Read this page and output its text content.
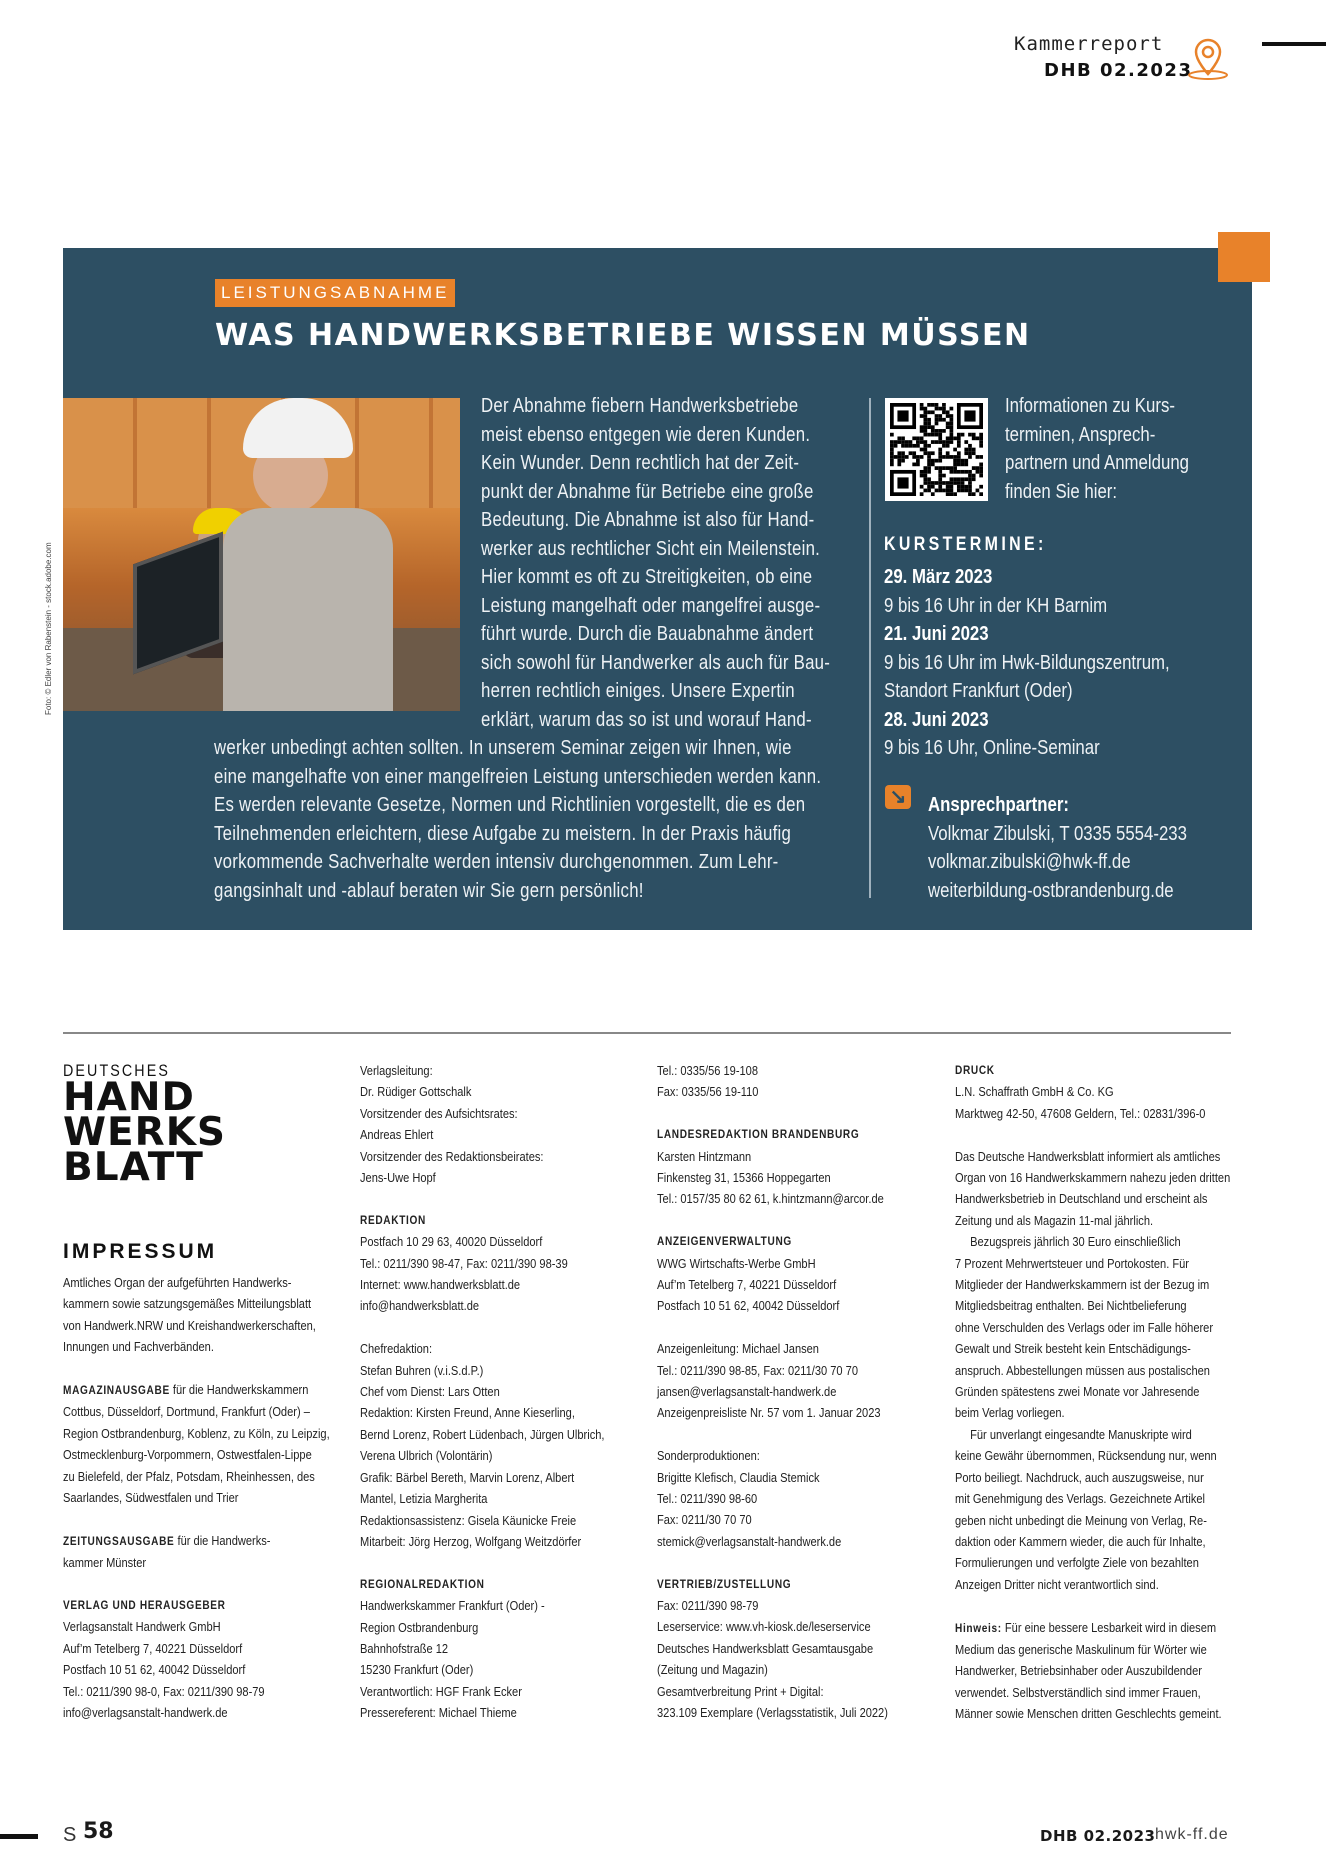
Kammerreport
DHB 02.2023
LEISTUNGSABNAHME
WAS HANDWERKSBETRIEBE WISSEN MÜSSEN
Foto: © Edler von Rabenstein - stock.adobe.com
Der Abnahme fiebern Handwerksbetriebe
meist ebenso entgegen wie deren Kunden.
Kein Wunder. Denn rechtlich hat der Zeit-
punkt der Abnahme für Betriebe eine große
Bedeutung. Die Abnahme ist also für Hand-
werker aus rechtlicher Sicht ein Meilenstein.
Hier kommt es oft zu Streitigkeiten, ob eine
Leistung mangelhaft oder mangelfrei ausge-
führt wurde. Durch die Bauabnahme ändert
sich sowohl für Handwerker als auch für Bau-
herren rechtlich einiges. Unsere Expertin
erklärt, warum das so ist und worauf Hand-
werker unbedingt achten sollten. In unserem Seminar zeigen wir Ihnen, wie
eine mangelhafte von einer mangelfreien Leistung unterschieden werden kann.
Es werden relevante Gesetze, Normen und Richtlinien vorgestellt, die es den
Teilnehmenden erleichtern, diese Aufgabe zu meistern. In der Praxis häufig
vorkommende Sachverhalte werden intensiv durchgenommen. Zum Lehr-
gangsinhalt und -ablauf beraten wir Sie gern persönlich!
Informationen zu Kurs-
terminen, Ansprech-
partnern und Anmeldung
finden Sie hier:
KURSTERMINE:
29. März 2023
9 bis 16 Uhr in der KH Barnim
21. Juni 2023
9 bis 16 Uhr im Hwk-Bildungszentrum,
Standort Frankfurt (Oder)
28. Juni 2023
9 bis 16 Uhr, Online-Seminar
↘ Ansprechpartner:
Volkmar Zibulski, T 0335 5554-233
volkmar.zibulski@hwk-ff.de
weiterbildung-ostbrandenburg.de
DEUTSCHES
HAND
WERKS
BLATT
IMPRESSUM
Amtliches Organ der aufgeführten Handwerks-
kammern sowie satzungsgemäßes Mitteilungsblatt
von Handwerk.NRW und Kreishandwerkerschaften,
Innungen und Fachverbänden.
MAGAZINAUSGABE für die Handwerkskammern
Cottbus, Düsseldorf, Dortmund, Frankfurt (Oder) –
Region Ostbrandenburg, Koblenz, zu Köln, zu Leipzig,
Ostmecklenburg-Vorpommern, Ostwestfalen-Lippe
zu Bielefeld, der Pfalz, Potsdam, Rheinhessen, des
Saarlandes, Südwestfalen und Trier
ZEITUNGSAUSGABE für die Handwerks-
kammer Münster
VERLAG UND HERAUSGEBER
Verlagsanstalt Handwerk GmbH
Auf’m Tetelberg 7, 40221 Düsseldorf
Postfach 10 51 62, 40042 Düsseldorf
Tel.: 0211/390 98-0, Fax: 0211/390 98-79
info@verlagsanstalt-handwerk.de
Verlagsleitung:
Dr. Rüdiger Gottschalk
Vorsitzender des Aufsichtsrates:
Andreas Ehlert
Vorsitzender des Redaktionsbeirates:
Jens-Uwe Hopf
REDAKTION
Postfach 10 29 63, 40020 Düsseldorf
Tel.: 0211/390 98-47, Fax: 0211/390 98-39
Internet: www.handwerksblatt.de
info@handwerksblatt.de
Chefredaktion:
Stefan Buhren (v.i.S.d.P.)
Chef vom Dienst: Lars Otten
Redaktion: Kirsten Freund, Anne Kieserling,
Bernd Lorenz, Robert Lüdenbach, Jürgen Ulbrich,
Verena Ulbrich (Volontärin)
Grafik: Bärbel Bereth, Marvin Lorenz, Albert
Mantel, Letizia Margherita
Redaktionsassistenz: Gisela Käunicke Freie
Mitarbeit: Jörg Herzog, Wolfgang Weitzdörfer
REGIONALREDAKTION
Handwerkskammer Frankfurt (Oder) -
Region Ostbrandenburg
Bahnhofstraße 12
15230 Frankfurt (Oder)
Verantwortlich: HGF Frank Ecker
Pressereferent: Michael Thieme
Tel.: 0335/56 19-108
Fax: 0335/56 19-110
LANDESREDAKTION BRANDENBURG
Karsten Hintzmann
Finkensteg 31, 15366 Hoppegarten
Tel.: 0157/35 80 62 61, k.hintzmann@arcor.de
ANZEIGENVERWALTUNG
WWG Wirtschafts-Werbe GmbH
Auf’m Tetelberg 7, 40221 Düsseldorf
Postfach 10 51 62, 40042 Düsseldorf
Anzeigenleitung: Michael Jansen
Tel.: 0211/390 98-85, Fax: 0211/30 70 70
jansen@verlagsanstalt-handwerk.de
Anzeigenpreisliste Nr. 57 vom 1. Januar 2023
Sonderproduktionen:
Brigitte Klefisch, Claudia Stemick
Tel.: 0211/390 98-60
Fax: 0211/30 70 70
stemick@verlagsanstalt-handwerk.de
VERTRIEB/ZUSTELLUNG
Fax: 0211/390 98-79
Leserservice: www.vh-kiosk.de/leserservice
Deutsches Handwerksblatt Gesamtausgabe
(Zeitung und Magazin)
Gesamtverbreitung Print + Digital:
323.109 Exemplare (Verlagsstatistik, Juli 2022)
DRUCK
L.N. Schaffrath GmbH & Co. KG
Marktweg 42-50, 47608 Geldern, Tel.: 02831/396-0
Das Deutsche Handwerksblatt informiert als amtliches
Organ von 16 Handwerkskammern nahezu jeden dritten
Handwerksbetrieb in Deutschland und erscheint als
Zeitung und als Magazin 11-mal jährlich.
Bezugspreis jährlich 30 Euro einschließlich
7 Prozent Mehrwertsteuer und Portokosten. Für
Mitglieder der Handwerkskammern ist der Bezug im
Mitgliedsbeitrag enthalten. Bei Nichtbelieferung
ohne Verschulden des Verlags oder im Falle höherer
Gewalt und Streik besteht kein Entschädigungs-
anspruch. Abbestellungen müssen aus postalischen
Gründen spätestens zwei Monate vor Jahresende
beim Verlag vorliegen.
Für unverlangt eingesandte Manuskripte wird
keine Gewähr übernommen, Rücksendung nur, wenn
Porto beiliegt. Nachdruck, auch auszugsweise, nur
mit Genehmigung des Verlags. Gezeichnete Artikel
geben nicht unbedingt die Meinung von Verlag, Re-
daktion oder Kammern wieder, die auch für Inhalte,
Formulierungen und verfolgte Ziele von bezahlten
Anzeigen Dritter nicht verantwortlich sind.
Hinweis: Für eine bessere Lesbarkeit wird in diesem
Medium das generische Maskulinum für Wörter wie
Handwerker, Betriebsinhaber oder Auszubildender
verwendet. Selbstverständlich sind immer Frauen,
Männer sowie Menschen dritten Geschlechts gemeint.
S 58	DHB 02.2023 hwk-ff.de
